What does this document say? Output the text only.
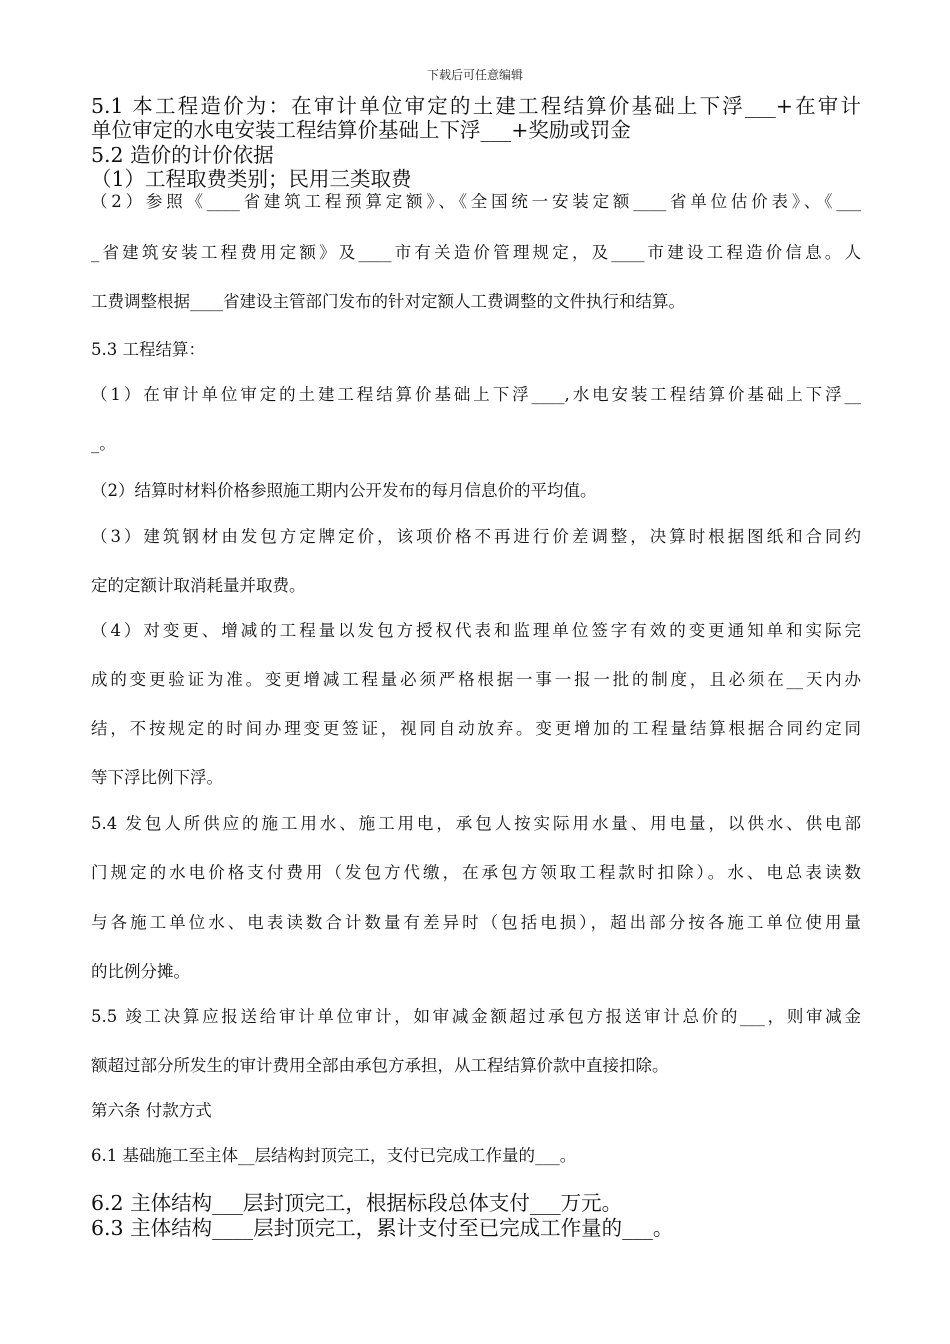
下载后可任意编辑
5.1 本工程造价为：在审计单位审定的土建工程结算价基础上下浮___+在审计
单位审定的水电安装工程结算价基础上下浮___+奖励或罚金
5.2 造价的计价依据
（1）工程取费类别；民用三类取费
（2）参照《____省建筑工程预算定额》、《全国统一安装定额____省单位估价表》、《___
_省建筑安装工程费用定额》及____市有关造价管理规定，及____市建设工程造价信息。人
工费调整根据____省建设主管部门发布的针对定额人工费调整的文件执行和结算。
5.3 工程结算：
（1）在审计单位审定的土建工程结算价基础上下浮____,水电安装工程结算价基础上下浮__
_。
（2）结算时材料价格参照施工期内公开发布的每月信息价的平均值。
（3）建筑钢材由发包方定牌定价，该项价格不再进行价差调整，决算时根据图纸和合同约
定的定额计取消耗量并取费。
（4）对变更、增减的工程量以发包方授权代表和监理单位签字有效的变更通知单和实际完
成的变更验证为准。变更增减工程量必须严格根据一事一报一批的制度，且必须在__天内办
结，不按规定的时间办理变更签证，视同自动放弃。变更增加的工程量结算根据合同约定同
等下浮比例下浮。
5.4 发包人所供应的施工用水、施工用电，承包人按实际用水量、用电量，以供水、供电部
门规定的水电价格支付费用（发包方代缴，在承包方领取工程款时扣除）。水、电总表读数
与各施工单位水、电表读数合计数量有差异时（包括电损），超出部分按各施工单位使用量
的比例分摊。
5.5 竣工决算应报送给审计单位审计，如审减金额超过承包方报送审计总价的___，则审减金
额超过部分所发生的审计费用全部由承包方承担，从工程结算价款中直接扣除。
第六条 付款方式
6.1 基础施工至主体__层结构封顶完工，支付已完成工作量的___。
6.2 主体结构___层封顶完工，根据标段总体支付___万元。
6.3 主体结构____层封顶完工，累计支付至已完成工作量的___。
